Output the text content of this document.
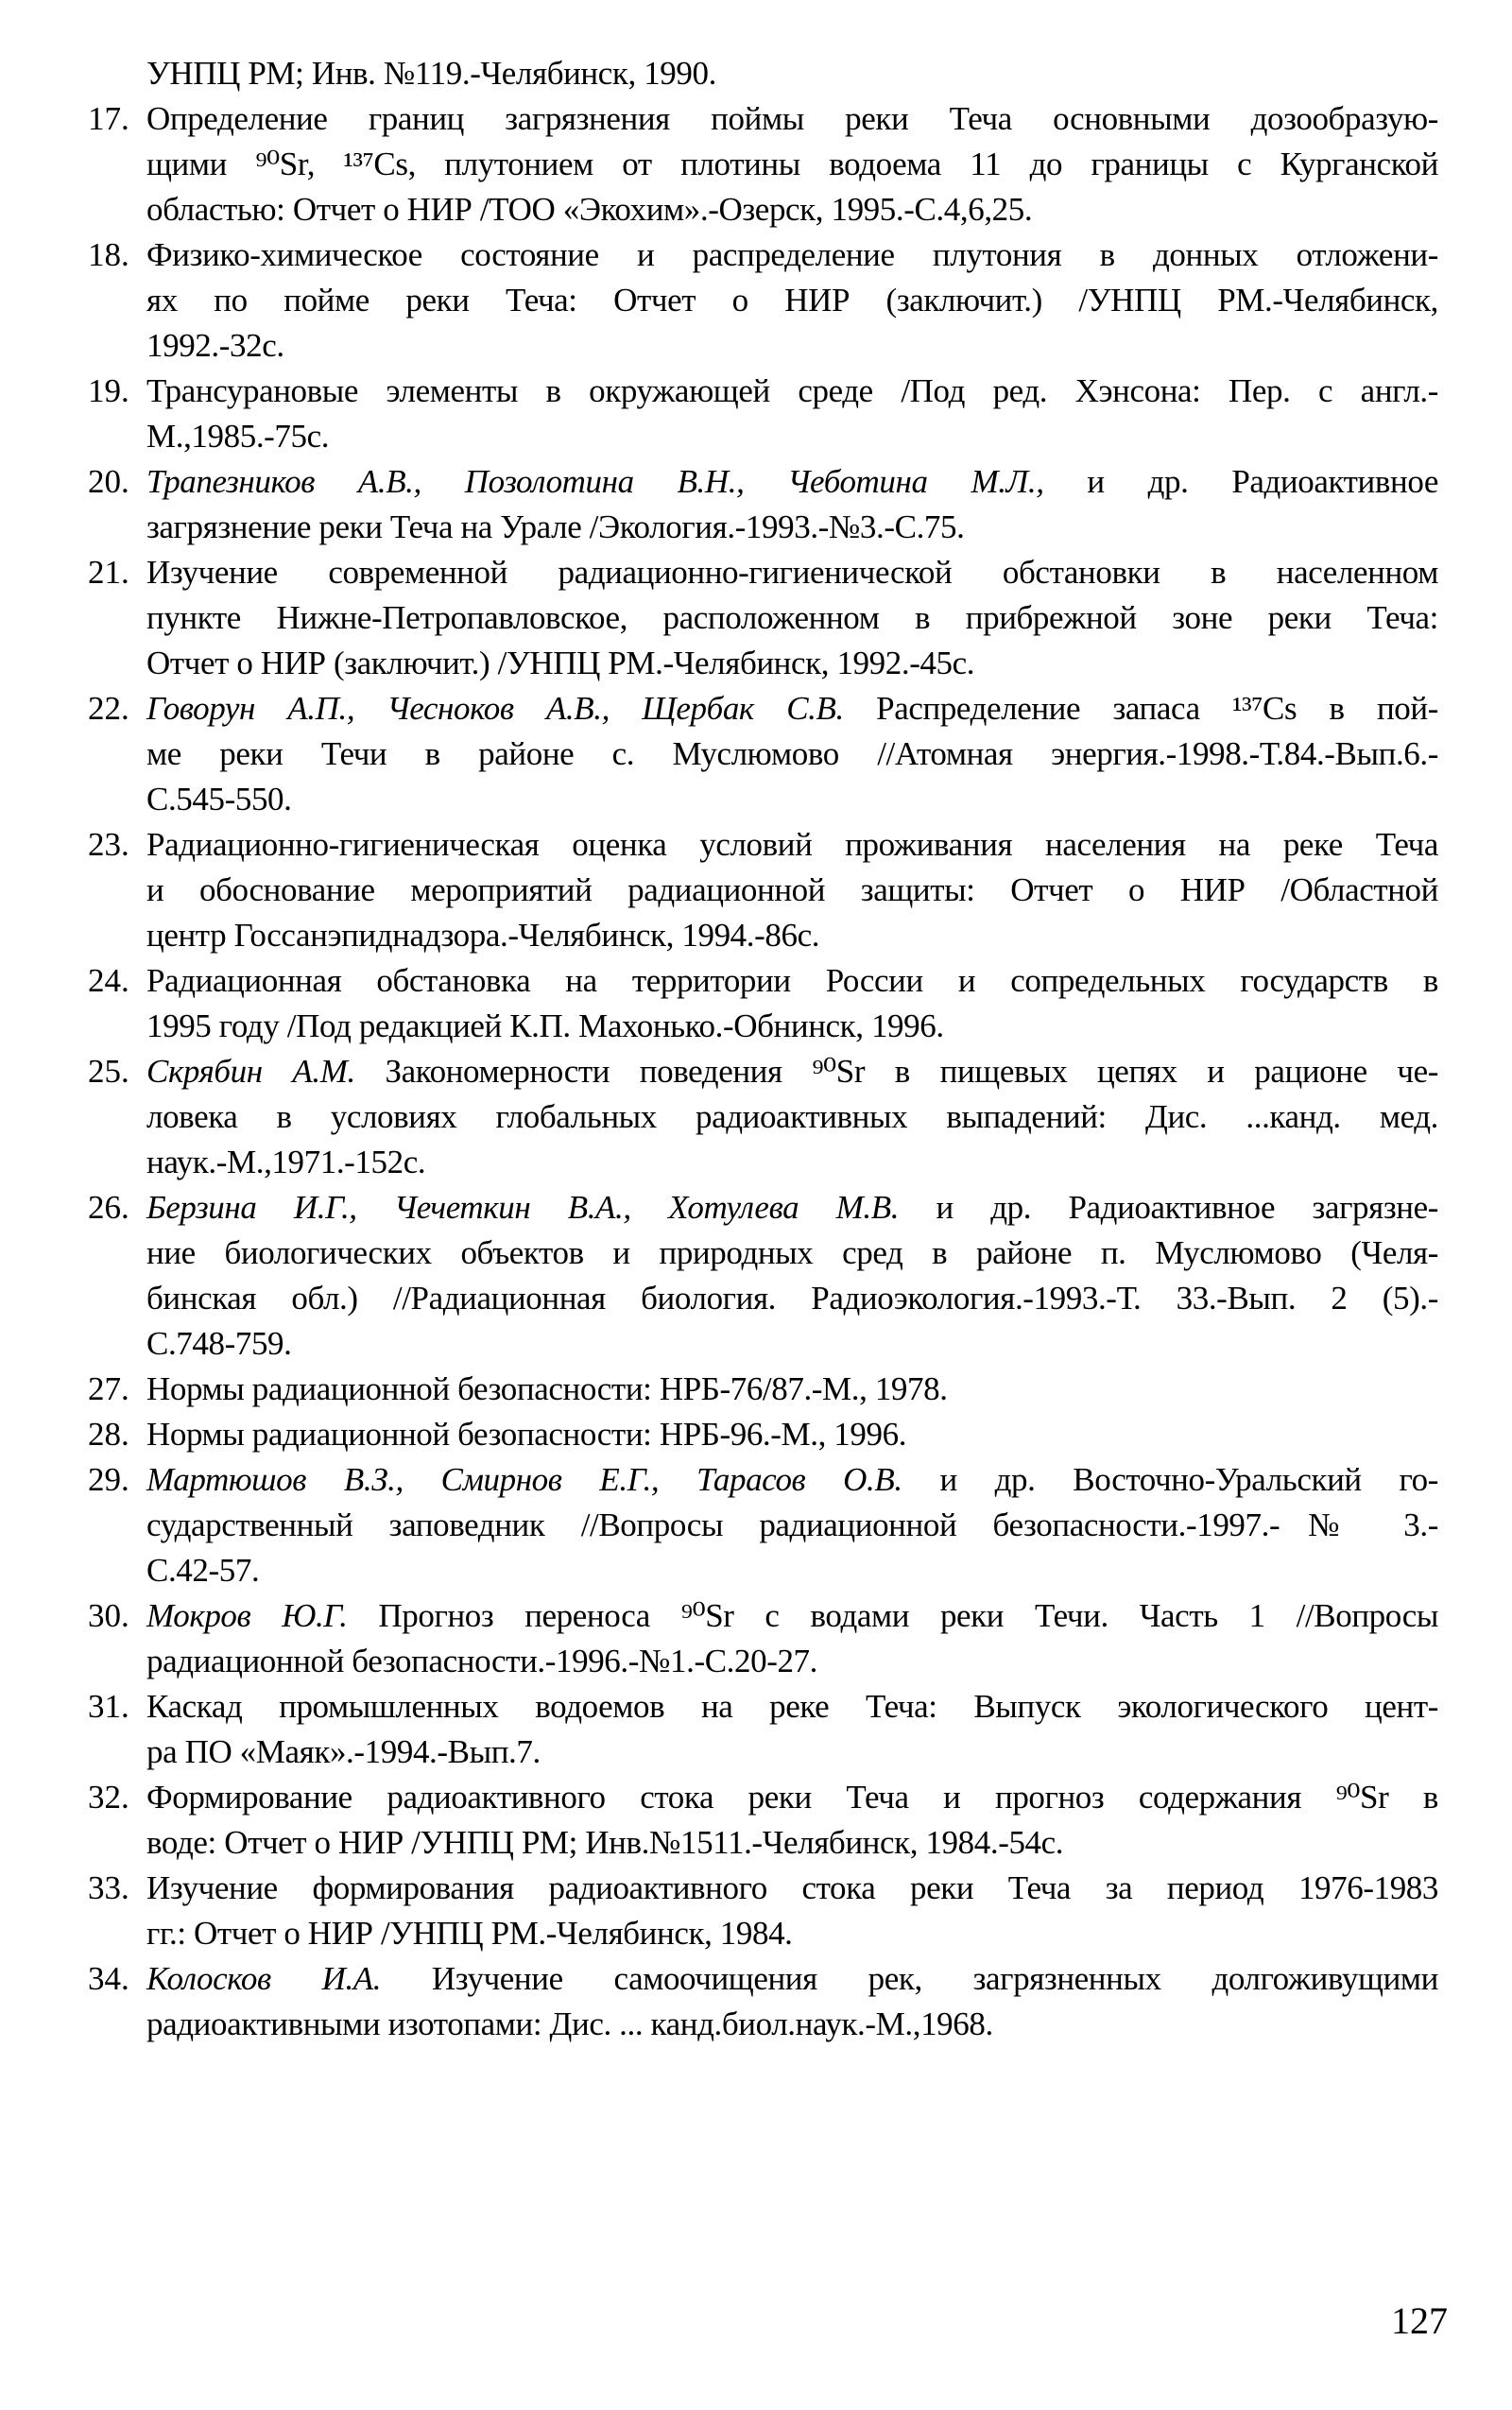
УНПЦ РМ; Инв. №119.-Челябинск, 1990.
17. Определение границ загрязнения поймы реки Теча основными дозообразую-
щими ⁹⁰Sr, ¹³⁷Cs, плутонием от плотины водоема 11 до границы с Курганской
областью: Отчет о НИР /ТОО «Экохим».-Озерск, 1995.-С.4,6,25.
18. Физико-химическое состояние и распределение плутония в донных отложени-
ях по пойме реки Теча: Отчет о НИР (заключит.) /УНПЦ РМ.-Челябинск,
1992.-32с.
19. Трансурановые элементы в окружающей среде /Под ред. Хэнсона: Пер. с англ.-
М.,1985.-75с.
20. Трапезников А.В., Позолотина В.Н., Чеботина М.Л., и др. Радиоактивное
загрязнение реки Теча на Урале /Экология.-1993.-№3.-С.75.
21. Изучение современной радиационно-гигиенической обстановки в населенном
пункте Нижне-Петропавловское, расположенном в прибрежной зоне реки Теча:
Отчет о НИР (заключит.) /УНПЦ РМ.-Челябинск, 1992.-45с.
22. Говорун А.П., Чесноков А.В., Щербак С.В. Распределение запаса ¹³⁷Cs в пой-
ме реки Течи в районе с. Муслюмово //Атомная энергия.-1998.-Т.84.-Вып.6.-
С.545-550.
23. Радиационно-гигиеническая оценка условий проживания населения на реке Теча
и обоснование мероприятий радиационной защиты: Отчет о НИР /Областной
центр Госсанэпиднадзора.-Челябинск, 1994.-86с.
24. Радиационная обстановка на территории России и сопредельных государств в
1995 году /Под редакцией К.П. Махонько.-Обнинск, 1996.
25. Скрябин А.М. Закономерности поведения ⁹⁰Sr в пищевых цепях и рационе че-
ловека в условиях глобальных радиоактивных выпадений: Дис. ...канд. мед.
наук.-М.,1971.-152с.
26. Берзина И.Г., Чечеткин В.А., Хотулева М.В. и др. Радиоактивное загрязне-
ние биологических объектов и природных сред в районе п. Муслюмово (Челя-
бинская обл.) //Радиационная биология. Радиоэкология.-1993.-Т. 33.-Вып. 2 (5).-
С.748-759.
27. Нормы радиационной безопасности: НРБ-76/87.-М., 1978.
28. Нормы радиационной безопасности: НРБ-96.-М., 1996.
29. Мартюшов В.З., Смирнов Е.Г., Тарасов О.В. и др. Восточно-Уральский го-
сударственный заповедник //Вопросы радиационной безопасности.-1997.-№ 3.-
С.42-57.
30. Мокров Ю.Г. Прогноз переноса ⁹⁰Sr с водами реки Течи. Часть 1 //Вопросы
радиационной безопасности.-1996.-№1.-С.20-27.
31. Каскад промышленных водоемов на реке Теча: Выпуск экологического цент-
ра ПО «Маяк».-1994.-Вып.7.
32. Формирование радиоактивного стока реки Теча и прогноз содержания ⁹⁰Sr в
воде: Отчет о НИР /УНПЦ РМ; Инв.№1511.-Челябинск, 1984.-54с.
33. Изучение формирования радиоактивного стока реки Теча за период 1976-1983
гг.: Отчет о НИР /УНПЦ РМ.-Челябинск, 1984.
34. Колосков И.А. Изучение самоочищения рек, загрязненных долгоживущими
радиоактивными изотопами: Дис. ... канд.биол.наук.-М.,1968.
127
